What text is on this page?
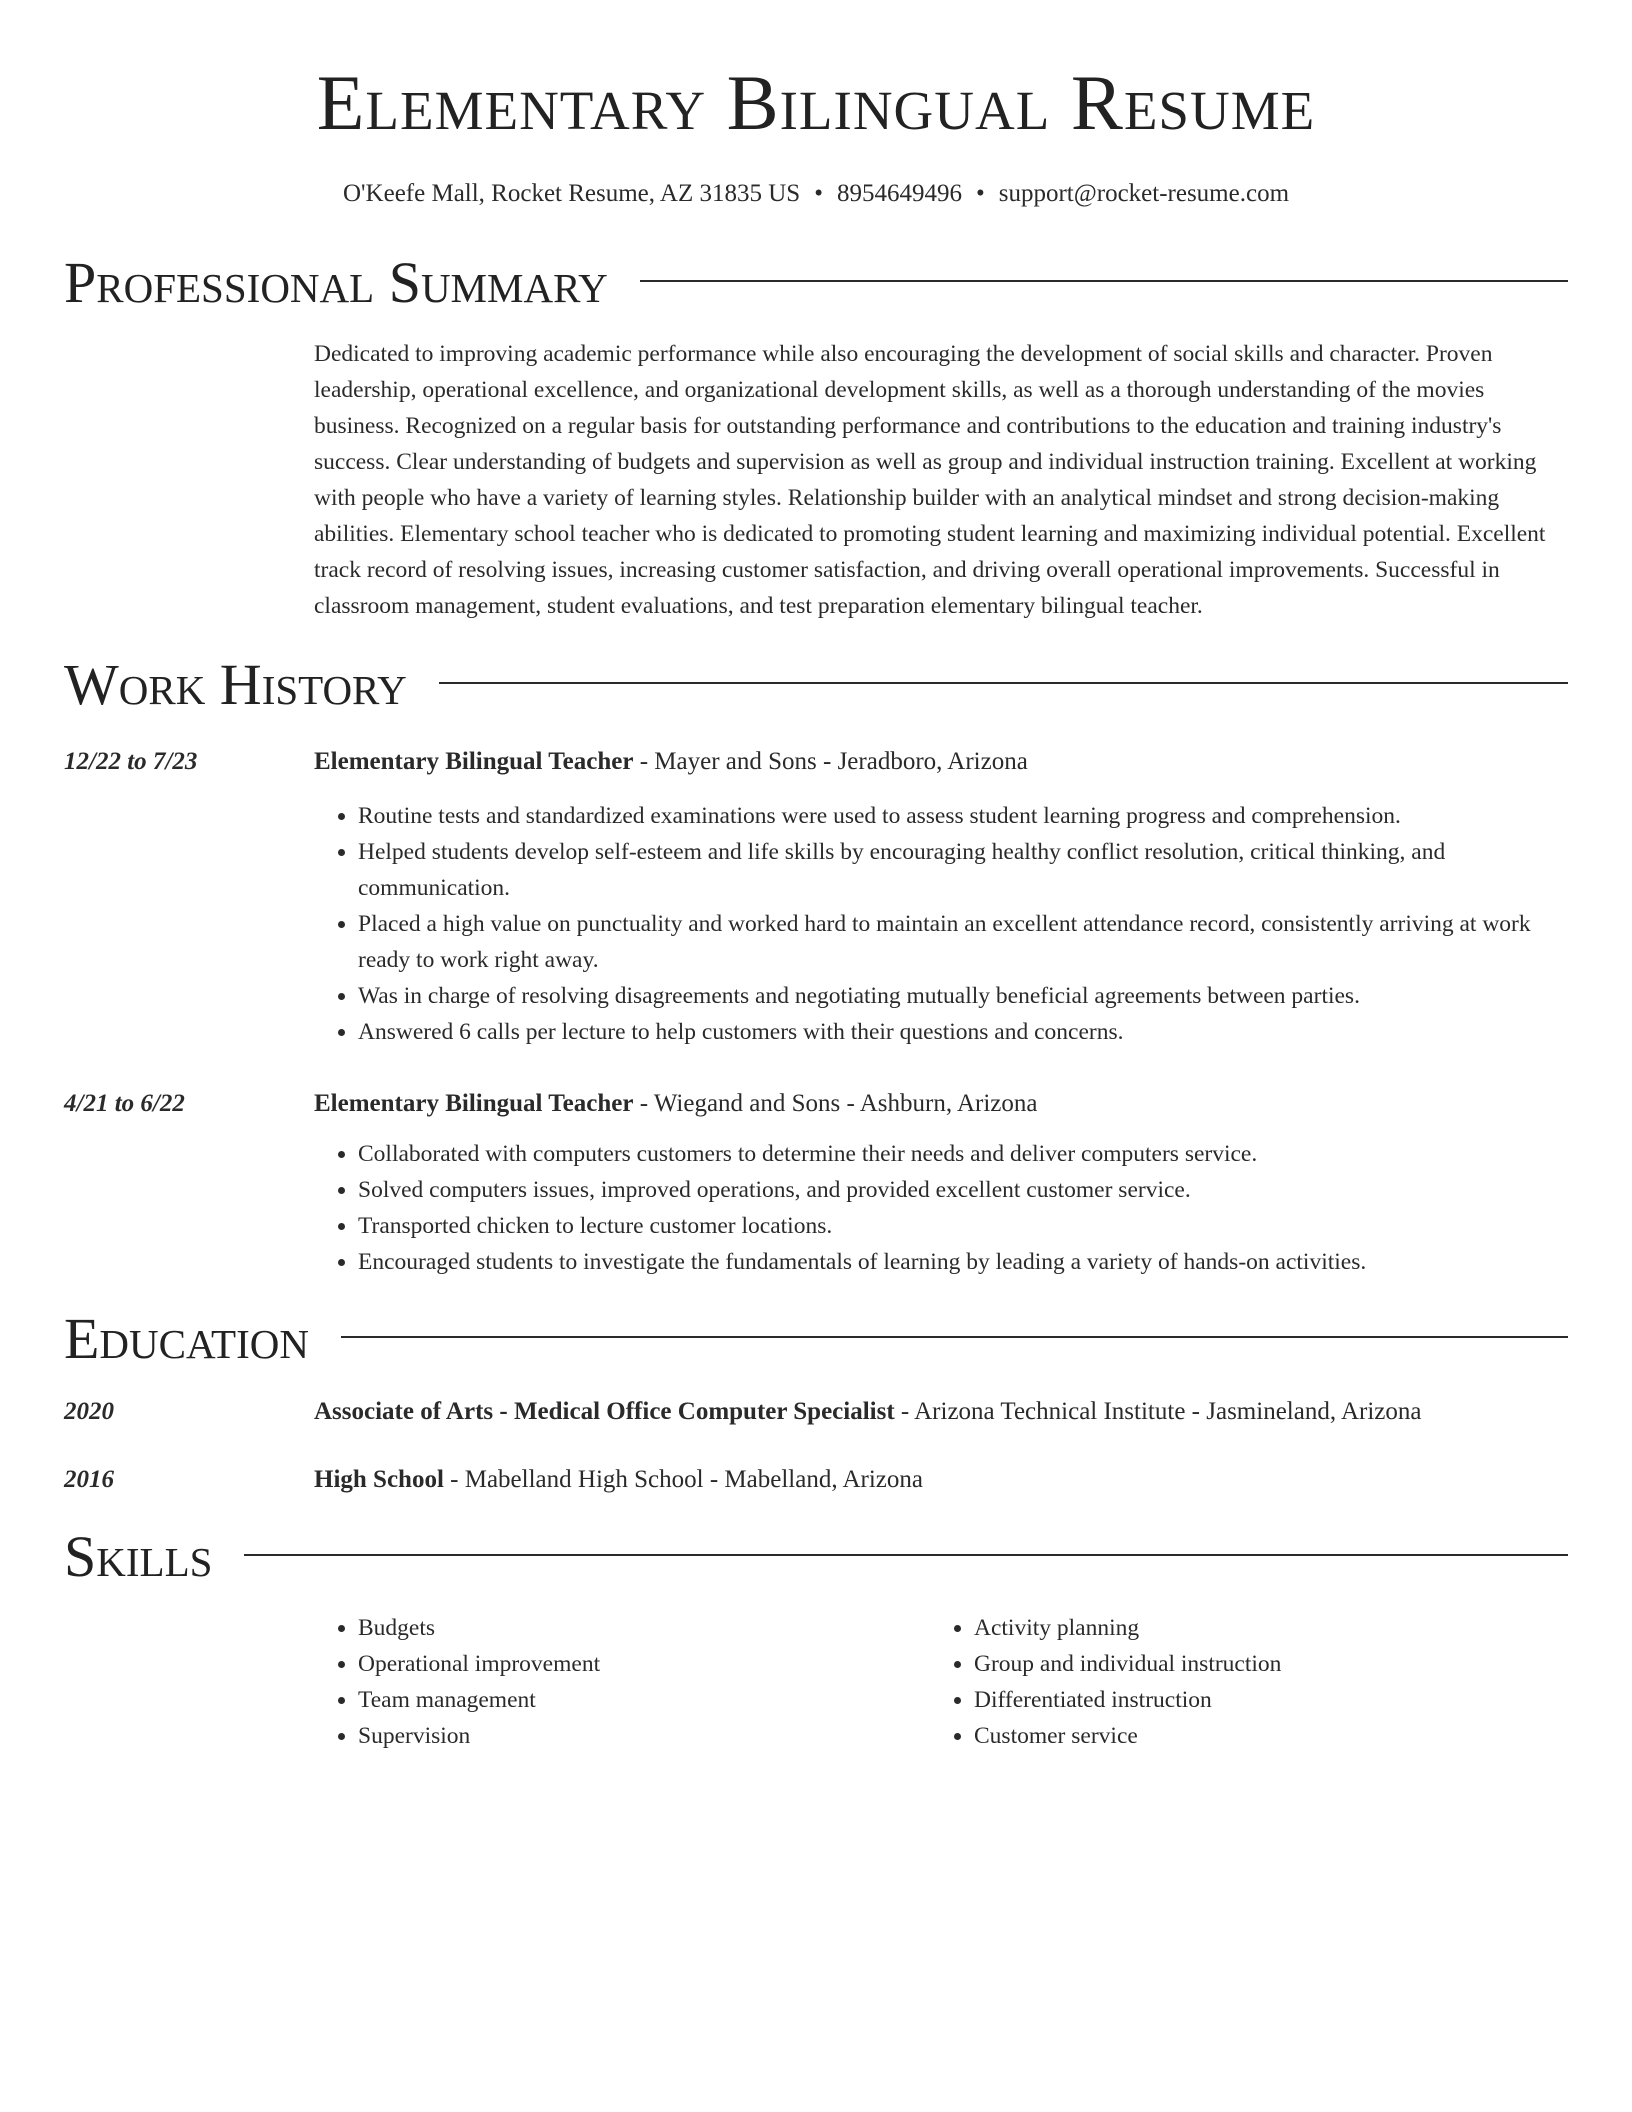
Elementary Bilingual Resume
O'Keefe Mall, Rocket Resume, AZ 31835 US • 8954649496 • support@rocket-resume.com
Professional Summary

Dedicated to improving academic performance while also encouraging the development of social skills and character. Proven leadership, operational excellence, and organizational development skills, as well as a thorough understanding of the movies business. Recognized on a regular basis for outstanding performance and contributions to the education and training industry's success. Clear understanding of budgets and supervision as well as group and individual instruction training. Excellent at working with people who have a variety of learning styles. Relationship builder with an analytical mindset and strong decision-making abilities. Elementary school teacher who is dedicated to promoting student learning and maximizing individual potential. Excellent track record of resolving issues, increasing customer satisfaction, and driving overall operational improvements. Successful in classroom management, student evaluations, and test preparation elementary bilingual teacher.

Work History
12/22 to 7/23	Elementary Bilingual Teacher - Mayer and Sons - Jeradboro, Arizona
• Routine tests and standardized examinations were used to assess student learning progress and comprehension.
• Helped students develop self-esteem and life skills by encouraging healthy conflict resolution, critical thinking, and communication.
• Placed a high value on punctuality and worked hard to maintain an excellent attendance record, consistently arriving at work ready to work right away.
• Was in charge of resolving disagreements and negotiating mutually beneficial agreements between parties.
• Answered 6 calls per lecture to help customers with their questions and concerns.
4/21 to 6/22	Elementary Bilingual Teacher - Wiegand and Sons - Ashburn, Arizona
• Collaborated with computers customers to determine their needs and deliver computers service.
• Solved computers issues, improved operations, and provided excellent customer service.
• Transported chicken to lecture customer locations.
• Encouraged students to investigate the fundamentals of learning by leading a variety of hands-on activities.
Education
2020	Associate of Arts - Medical Office Computer Specialist - Arizona Technical Institute - Jasmineland, Arizona
2016	High School - Mabelland High School - Mabelland, Arizona
Skills
• Budgets
• Operational improvement
• Team management
• Supervision
• Activity planning
• Group and individual instruction
• Differentiated instruction
• Customer service
